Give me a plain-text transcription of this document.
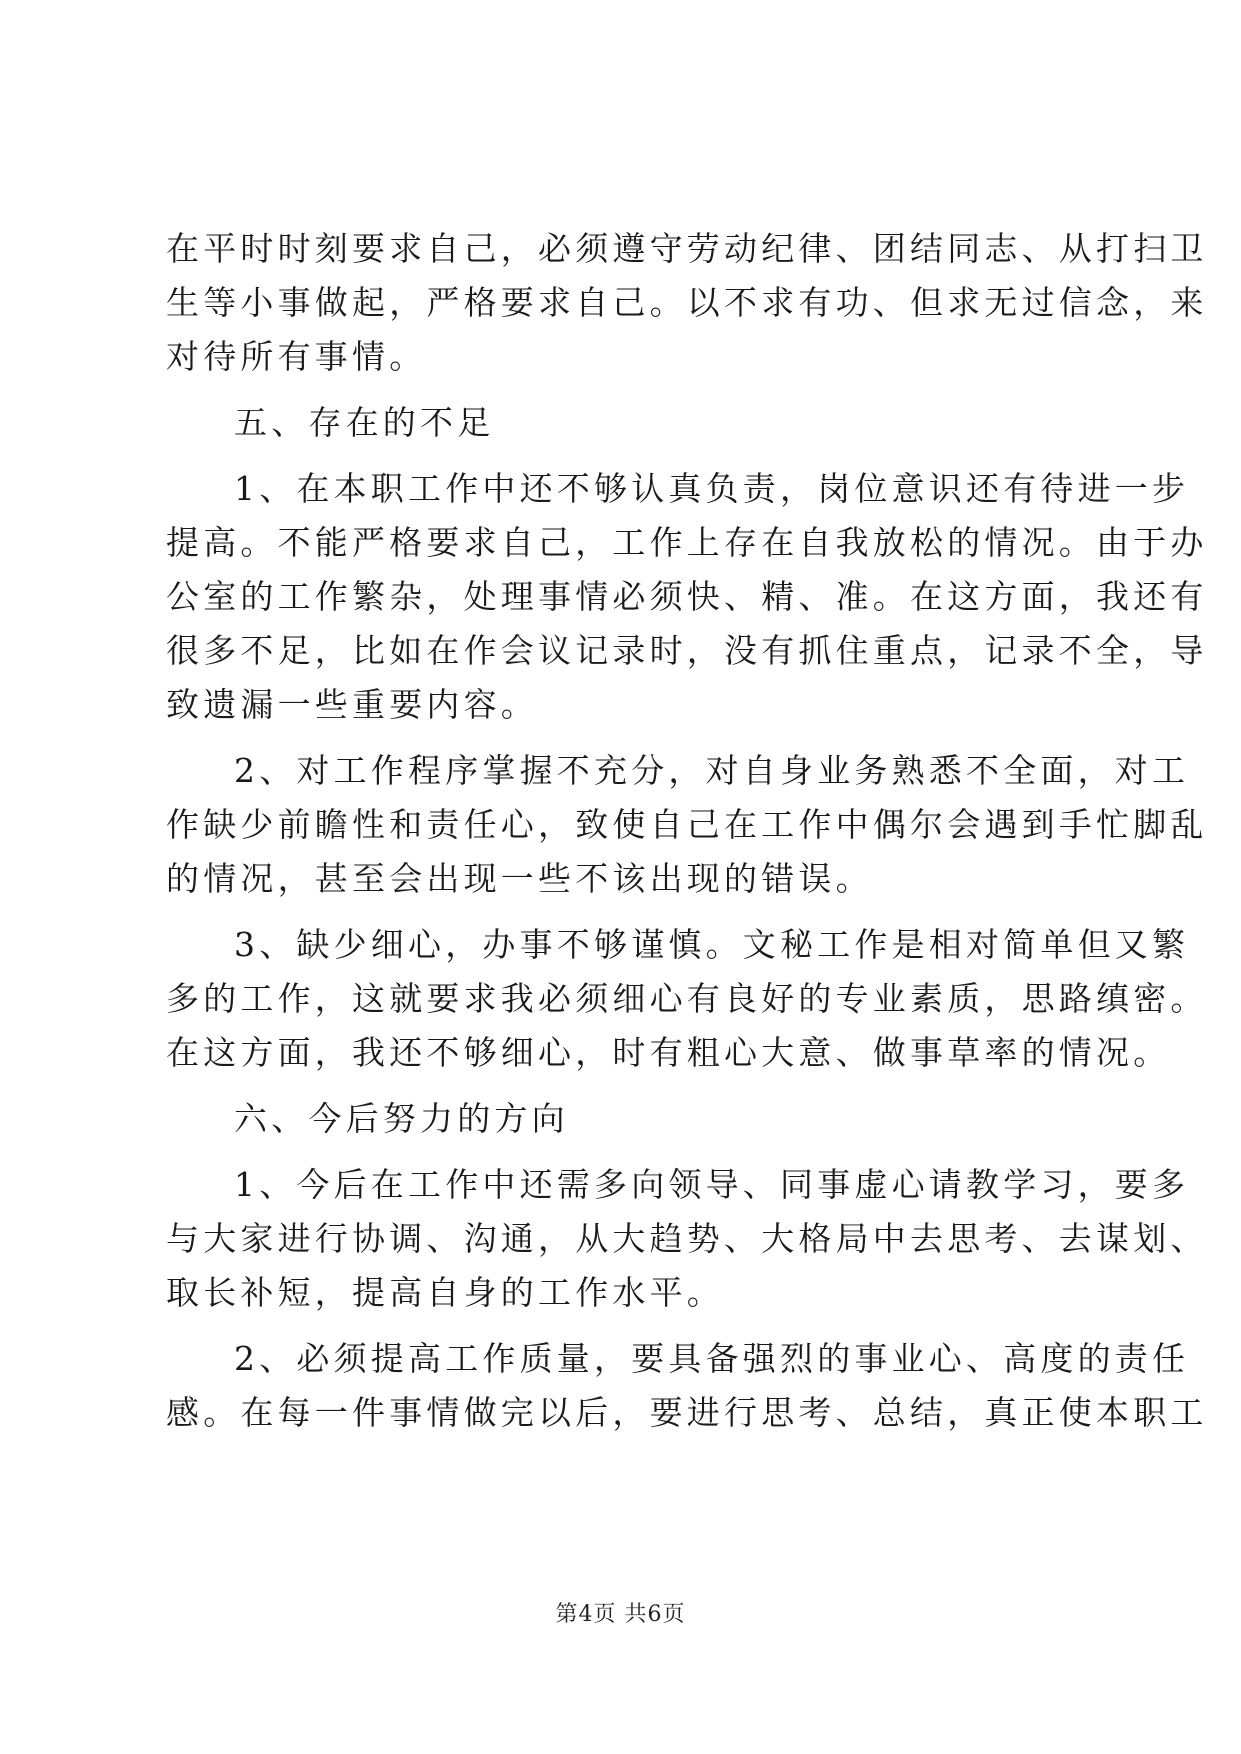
在平时时刻要求自己，必须遵守劳动纪律、团结同志、从打扫卫
生等小事做起，严格要求自己。以不求有功、但求无过信念，来
对待所有事情。
五、存在的不足
1、在本职工作中还不够认真负责，岗位意识还有待进一步
提高。不能严格要求自己，工作上存在自我放松的情况。由于办
公室的工作繁杂，处理事情必须快、精、准。在这方面，我还有
很多不足，比如在作会议记录时，没有抓住重点，记录不全，导
致遗漏一些重要内容。
2、对工作程序掌握不充分，对自身业务熟悉不全面，对工
作缺少前瞻性和责任心，致使自己在工作中偶尔会遇到手忙脚乱
的情况，甚至会出现一些不该出现的错误。
3、缺少细心，办事不够谨慎。文秘工作是相对简单但又繁
多的工作，这就要求我必须细心有良好的专业素质，思路缜密。
在这方面，我还不够细心，时有粗心大意、做事草率的情况。
六、今后努力的方向
1、今后在工作中还需多向领导、同事虚心请教学习，要多
与大家进行协调、沟通，从大趋势、大格局中去思考、去谋划、
取长补短，提高自身的工作水平。
2、必须提高工作质量，要具备强烈的事业心、高度的责任
感。在每一件事情做完以后，要进行思考、总结，真正使本职工
第4页 共6页
